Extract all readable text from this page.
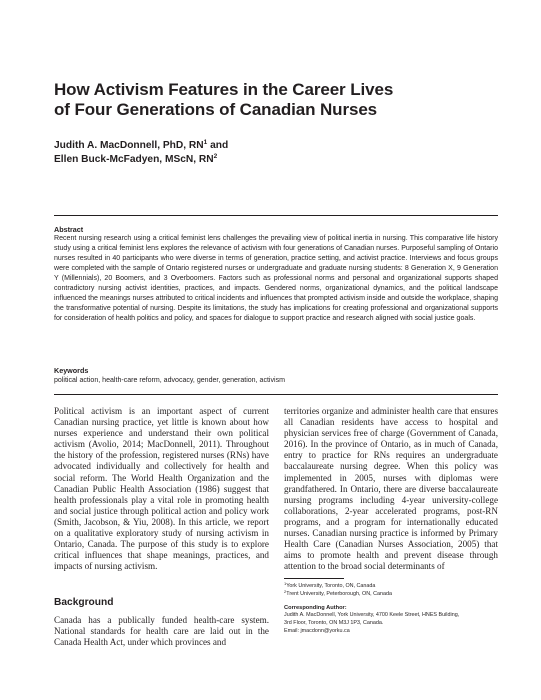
How Activism Features in the Career Lives
of Four Generations of Canadian Nurses
Judith A. MacDonnell, PhD, $RN^1$ and
Ellen Buck-McFadyen, MScN, $RN^2$
Abstract
Recent nursing research using a critical feminist lens challenges the prevailing view of political inertia in nursing. This comparative life history study using a critical feminist lens explores the relevance of activism with four generations of Canadian nurses. Purposeful sampling of Ontario nurses resulted in 40 participants who were diverse in terms of generation, practice setting, and activist practice. Interviews and focus groups were completed with the sample of Ontario registered nurses or undergraduate and graduate nursing students: 8 Generation X, 9 Generation Y (Millennials), 20 Boomers, and 3 Overboomers. Factors such as professional norms and personal and organizational supports shaped contradictory nursing activist identities, practices, and impacts. Gendered norms, organizational dynamics, and the political landscape influenced the meanings nurses attributed to critical incidents and influences that prompted activism inside and outside the workplace, shaping the transformative potential of nursing. Despite its limitations, the study has implications for creating professional and organizational supports for consideration of health politics and policy, and spaces for dialogue to support practice and research aligned with social justice goals.
Keywords
political action, health-care reform, advocacy, gender, generation, activism

Political activism is an important aspect of current Canadian nursing practice, yet little is known about how nurses experience and understand their own political activism (Avolio, 2014; MacDonnell, 2011). Throughout the history of the profession, registered nurses (RNs) have advocated individually and collectively for health and social reform. The World Health Organization and the Canadian Public Health Association (1986) suggest that health professionals play a vital role in promoting health and social justice through political action and policy work (Smith, Jacobson, & Yiu, 2008). In this article, we report on a qualitative exploratory study of nursing activism in Ontario, Canada. The purpose of this study is to explore critical influences that shape meanings, practices, and impacts of nursing activism.

Background

Canada has a publically funded health-care system. National standards for health care are laid out in the Canada Health Act, under which provinces and

territories organize and administer health care that ensures all Canadian residents have access to hospital and physician services free of charge (Government of Canada, 2016). In the province of Ontario, as in much of Canada, entry to practice for RNs requires an undergraduate baccalaureate nursing degree. When this policy was implemented in 2005, nurses with diplomas were grandfathered. In Ontario, there are diverse baccalaureate nursing programs including 4-year university-college collaborations, 2-year accelerated programs, post-RN programs, and a program for internationally educated nurses. Canadian nursing practice is informed by Primary Health Care (Canadian Nurses Association, 2005) that aims to promote health and prevent disease through attention to the broad social determinants of

$^1$York University, Toronto, ON, Canada
$^2$Trent University, Peterborough, ON, Canada
Corresponding Author:
Judith A. MacDonnell, York University, 4700 Keele Street, HNES Building,
3rd Floor, Toronto, ON M3J 1P3, Canada.
Email: jmacdonn@yorku.ca
